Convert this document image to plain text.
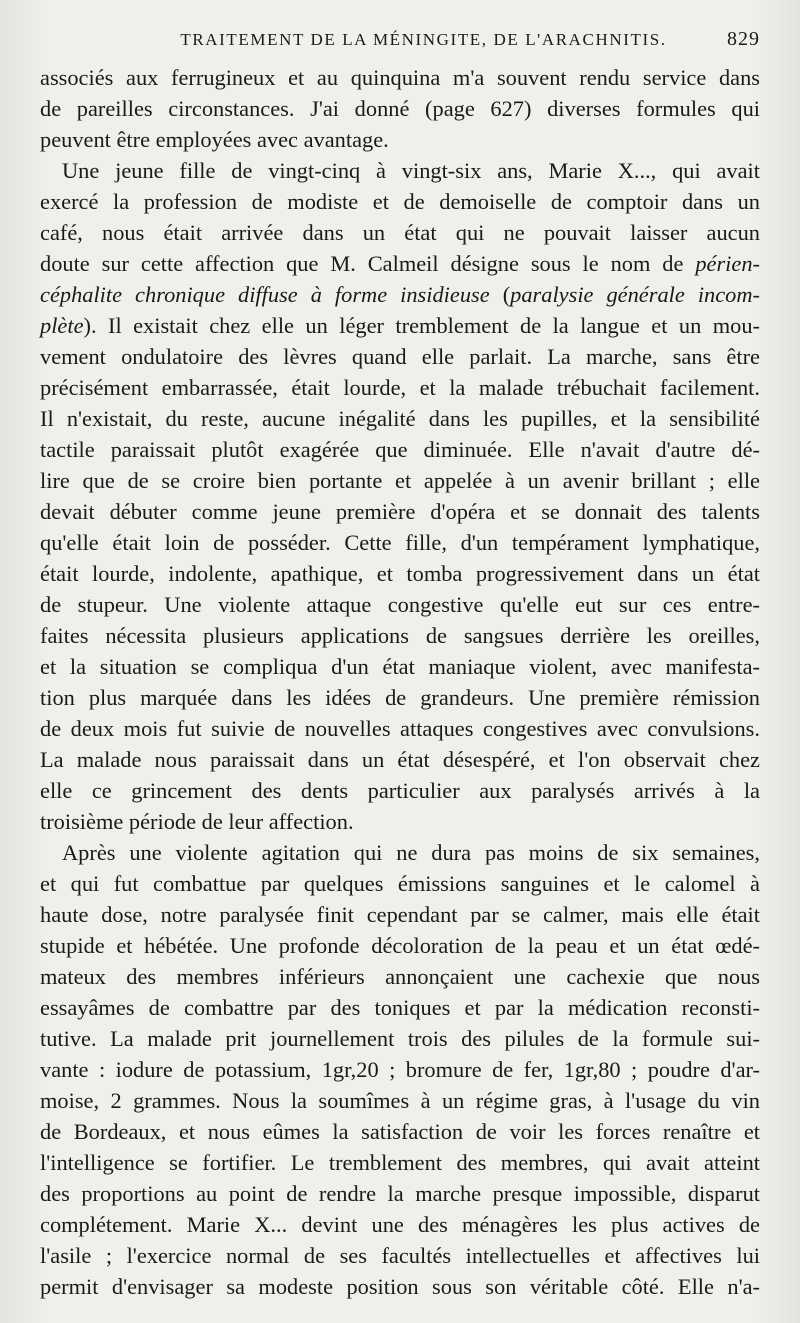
TRAITEMENT DE LA MÉNINGITE, DE L'ARACHNITIS.	829
associés aux ferrugineux et au quinquina m'a souvent rendu service dans
de pareilles circonstances. J'ai donné (page 627) diverses formules qui
peuvent être employées avec avantage.
Une jeune fille de vingt-cinq à vingt-six ans, Marie X..., qui avait
exercé la profession de modiste et de demoiselle de comptoir dans un
café, nous était arrivée dans un état qui ne pouvait laisser aucun
doute sur cette affection que M. Calmeil désigne sous le nom de périen-
céphalite chronique diffuse à forme insidieuse (paralysie générale incom-
plète). Il existait chez elle un léger tremblement de la langue et un mou-
vement ondulatoire des lèvres quand elle parlait. La marche, sans être
précisément embarrassée, était lourde, et la malade trébuchait facilement.
Il n'existait, du reste, aucune inégalité dans les pupilles, et la sensibilité
tactile paraissait plutôt exagérée que diminuée. Elle n'avait d'autre dé-
lire que de se croire bien portante et appelée à un avenir brillant ; elle
devait débuter comme jeune première d'opéra et se donnait des talents
qu'elle était loin de posséder. Cette fille, d'un tempérament lymphatique,
était lourde, indolente, apathique, et tomba progressivement dans un état
de stupeur. Une violente attaque congestive qu'elle eut sur ces entre-
faites nécessita plusieurs applications de sangsues derrière les oreilles,
et la situation se compliqua d'un état maniaque violent, avec manifesta-
tion plus marquée dans les idées de grandeurs. Une première rémission
de deux mois fut suivie de nouvelles attaques congestives avec convulsions.
La malade nous paraissait dans un état désespéré, et l'on observait chez
elle ce grincement des dents particulier aux paralysés arrivés à la
troisième période de leur affection.
Après une violente agitation qui ne dura pas moins de six semaines,
et qui fut combattue par quelques émissions sanguines et le calomel à
haute dose, notre paralysée finit cependant par se calmer, mais elle était
stupide et hébétée. Une profonde décoloration de la peau et un état œdé-
mateux des membres inférieurs annonçaient une cachexie que nous
essayâmes de combattre par des toniques et par la médication reconsti-
tutive. La malade prit journellement trois des pilules de la formule sui-
vante : iodure de potassium, 1gr,20 ; bromure de fer, 1gr,80 ; poudre d'ar-
moise, 2 grammes. Nous la soumîmes à un régime gras, à l'usage du vin
de Bordeaux, et nous eûmes la satisfaction de voir les forces renaître et
l'intelligence se fortifier. Le tremblement des membres, qui avait atteint
des proportions au point de rendre la marche presque impossible, disparut
complétement. Marie X... devint une des ménagères les plus actives de
l'asile ; l'exercice normal de ses facultés intellectuelles et affectives lui
permit d'envisager sa modeste position sous son véritable côté. Elle n'a-
